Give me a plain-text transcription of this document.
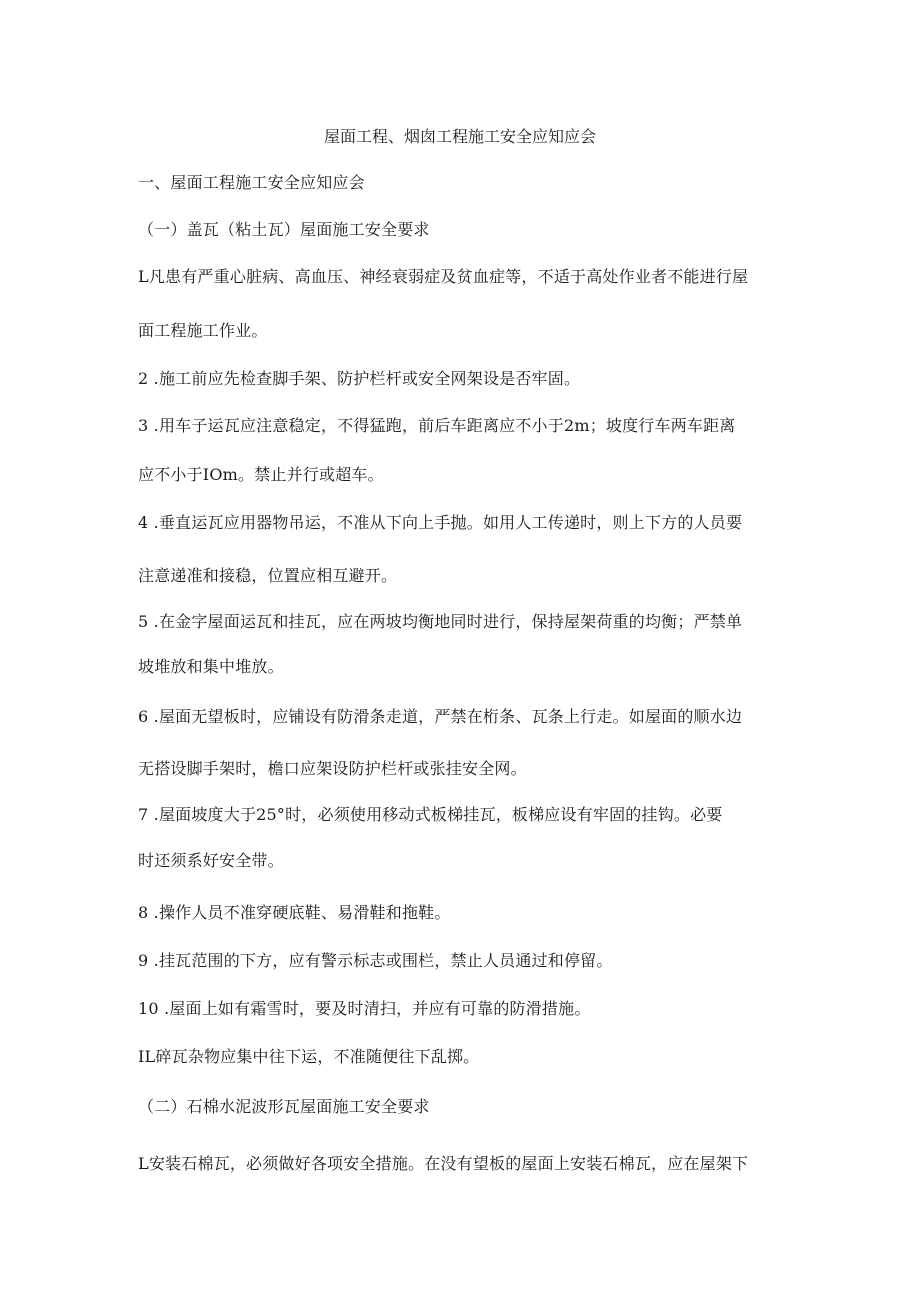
屋面工程、烟囱工程施工安全应知应会
一、屋面工程施工安全应知应会
（一）盖瓦（粘土瓦）屋面施工安全要求
L凡患有严重心脏病、高血压、神经衰弱症及贫血症等，不适于高处作业者不能进行屋
面工程施工作业。
2 .施工前应先检查脚手架、防护栏杆或安全网架设是否牢固。
3 .用车子运瓦应注意稳定，不得猛跑，前后车距离应不小于2m；坡度行车两车距离
应不小于IOm。禁止并行或超车。
4 .垂直运瓦应用器物吊运，不准从下向上手抛。如用人工传递时，则上下方的人员要
注意递准和接稳，位置应相互避开。
5 .在金字屋面运瓦和挂瓦，应在两坡均衡地同时进行，保持屋架荷重的均衡；严禁单
坡堆放和集中堆放。
6 .屋面无望板时，应铺设有防滑条走道，严禁在桁条、瓦条上行走。如屋面的顺水边
无搭设脚手架时，檐口应架设防护栏杆或张挂安全网。
7 .屋面坡度大于25°时，必须使用移动式板梯挂瓦，板梯应设有牢固的挂钩。必要
时还须系好安全带。
8 .操作人员不准穿硬底鞋、易滑鞋和拖鞋。
9 .挂瓦范围的下方，应有警示标志或围栏，禁止人员通过和停留。
10 .屋面上如有霜雪时，要及时清扫，并应有可靠的防滑措施。
IL碎瓦杂物应集中往下运，不准随便往下乱掷。
（二）石棉水泥波形瓦屋面施工安全要求
L安装石棉瓦，必须做好各项安全措施。在没有望板的屋面上安装石棉瓦，应在屋架下
